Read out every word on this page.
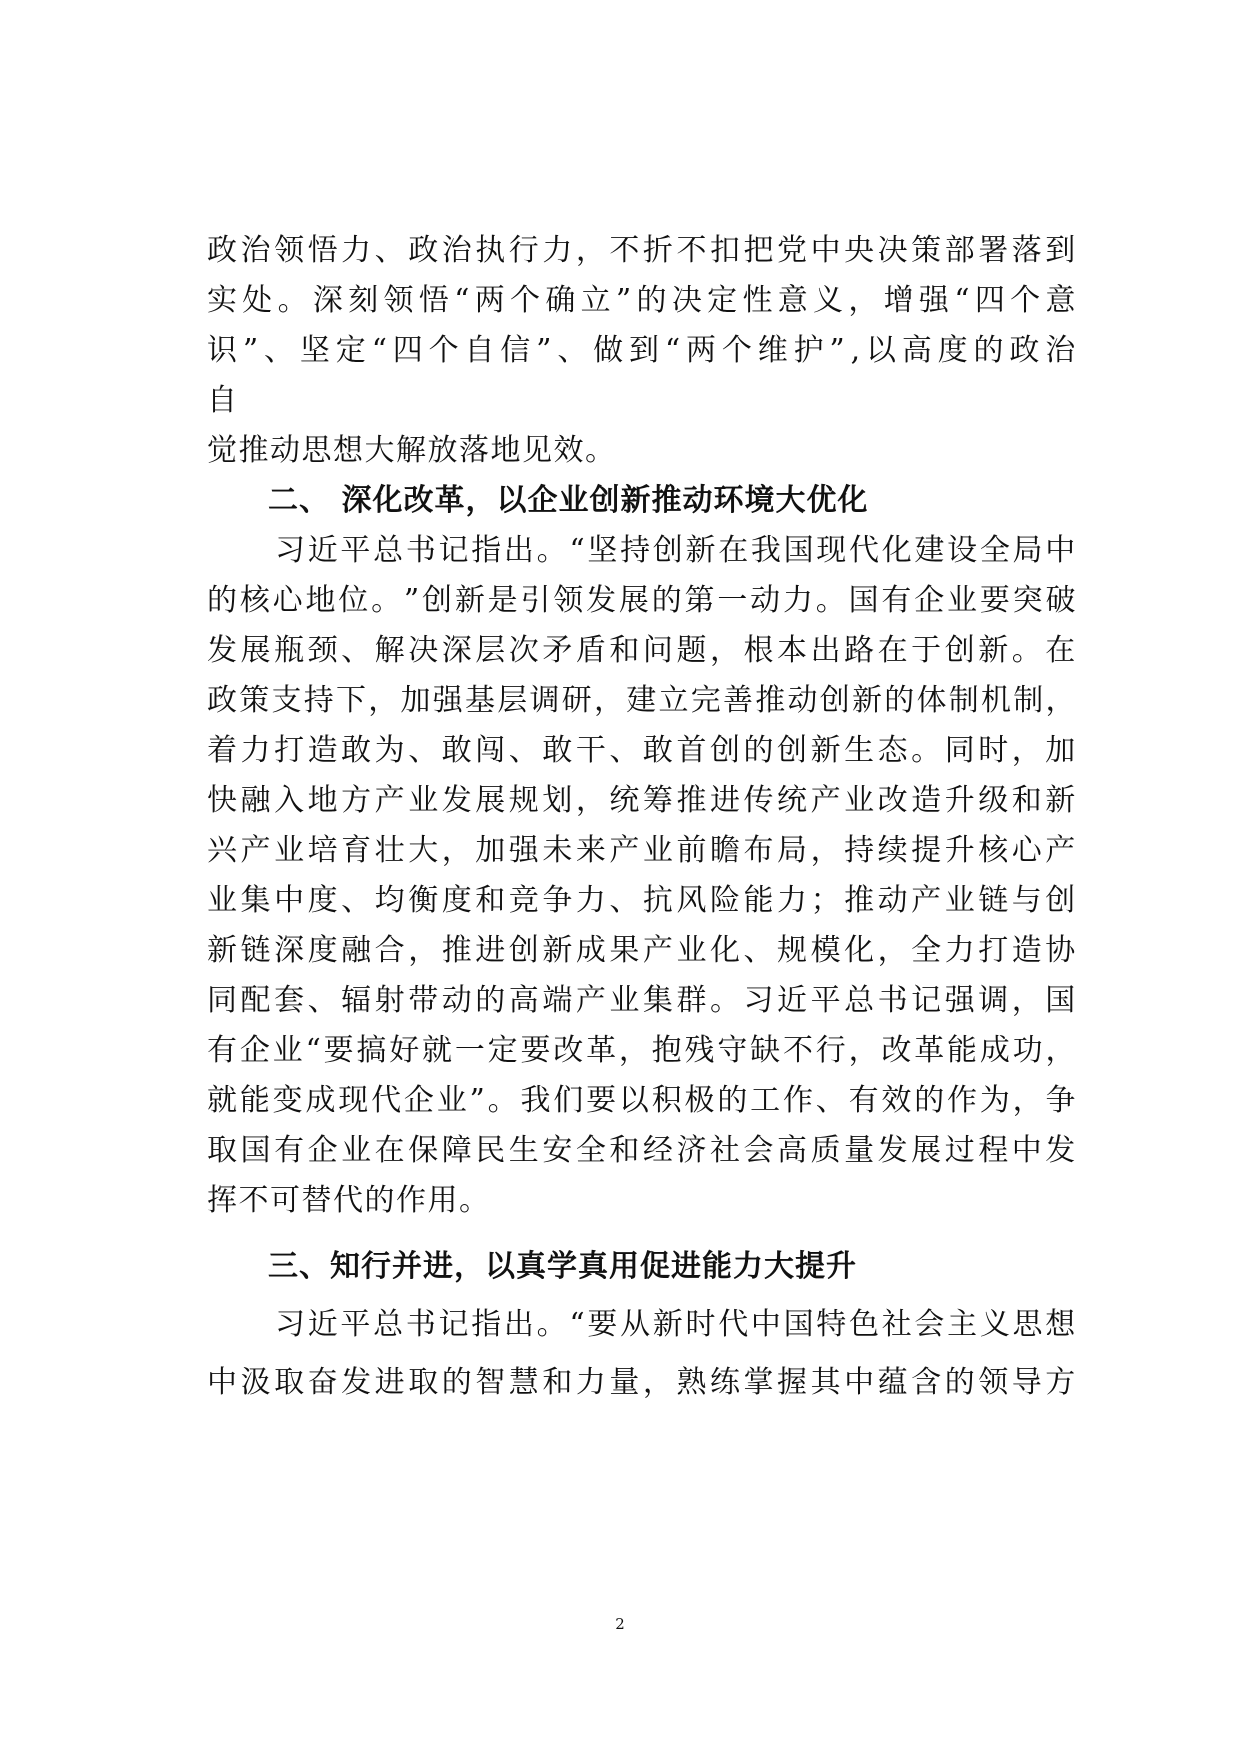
政 治 领 悟 力 、 政 治 执 行 力 ， 不 折 不 扣 把 党 中 央 决 策 部 署 落 到

实 处 。 深 刻 领 悟 “ 两 个 确 立 ” 的 决 定 性 意 义 ， 增 强 “ 四 个 意

识 ” 、 坚 定 “ 四 个 自 信 ” 、 做 到 “ 两 个 维 护 ” , 以 高 度 的 政 治

自

觉推动思想大解放落地见效。

二、 深化改革，以企业创新推动环境大优化

习 近 平 总 书 记 指 出 。 “ 坚 持 创 新 在 我 国 现 代 化 建 设 全 局 中

的 核 心 地 位 。 ” 创 新 是 引 领 发 展 的 第 一 动 力 。 国 有 企 业 要 突 破

发 展 瓶 颈 、 解 决 深 层 次 矛 盾 和 问 题 ， 根 本 出 路 在 于 创 新 。 在

政 策 支 持 下 ， 加 强 基 层 调 研 ， 建 立 完 善 推 动 创 新 的 体 制 机 制 ，

着 力 打 造 敢 为 、 敢 闯 、 敢 干 、 敢 首 创 的 创 新 生 态 。 同 时 ， 加

快 融 入 地 方 产 业 发 展 规 划 ， 统 筹 推 进 传 统 产 业 改 造 升 级 和 新

兴 产 业 培 育 壮 大 ， 加 强 未 来 产 业 前 瞻 布 局 ， 持 续 提 升 核 心 产

业 集 中 度 、 均 衡 度 和 竞 争 力 、 抗 风 险 能 力 ； 推 动 产 业 链 与 创

新 链 深 度 融 合 ， 推 进 创 新 成 果 产 业 化 、 规 模 化 ， 全 力 打 造 协

同 配 套 、 辐 射 带 动 的 高 端 产 业 集 群 。 习 近 平 总 书 记 强 调 ， 国

有 企 业 “ 要 搞 好 就 一 定 要 改 革 ， 抱 残 守 缺 不 行 ， 改 革 能 成 功 ，

就 能 变 成 现 代 企 业 ” 。 我 们 要 以 积 极 的 工 作 、 有 效 的 作 为 ， 争

取 国 有 企 业 在 保 障 民 生 安 全 和 经 济 社 会 高 质 量 发 展 过 程 中 发

挥不可替代的作用。

三、知行并进，以真学真用促进能力大提升

习 近 平 总 书 记 指 出 。 “ 要 从 新 时 代 中 国 特 色 社 会 主 义 思 想

中 汲 取 奋 发 进 取 的 智 慧 和 力 量 ， 熟 练 掌 握 其 中 蕴 含 的 领 导 方

2
